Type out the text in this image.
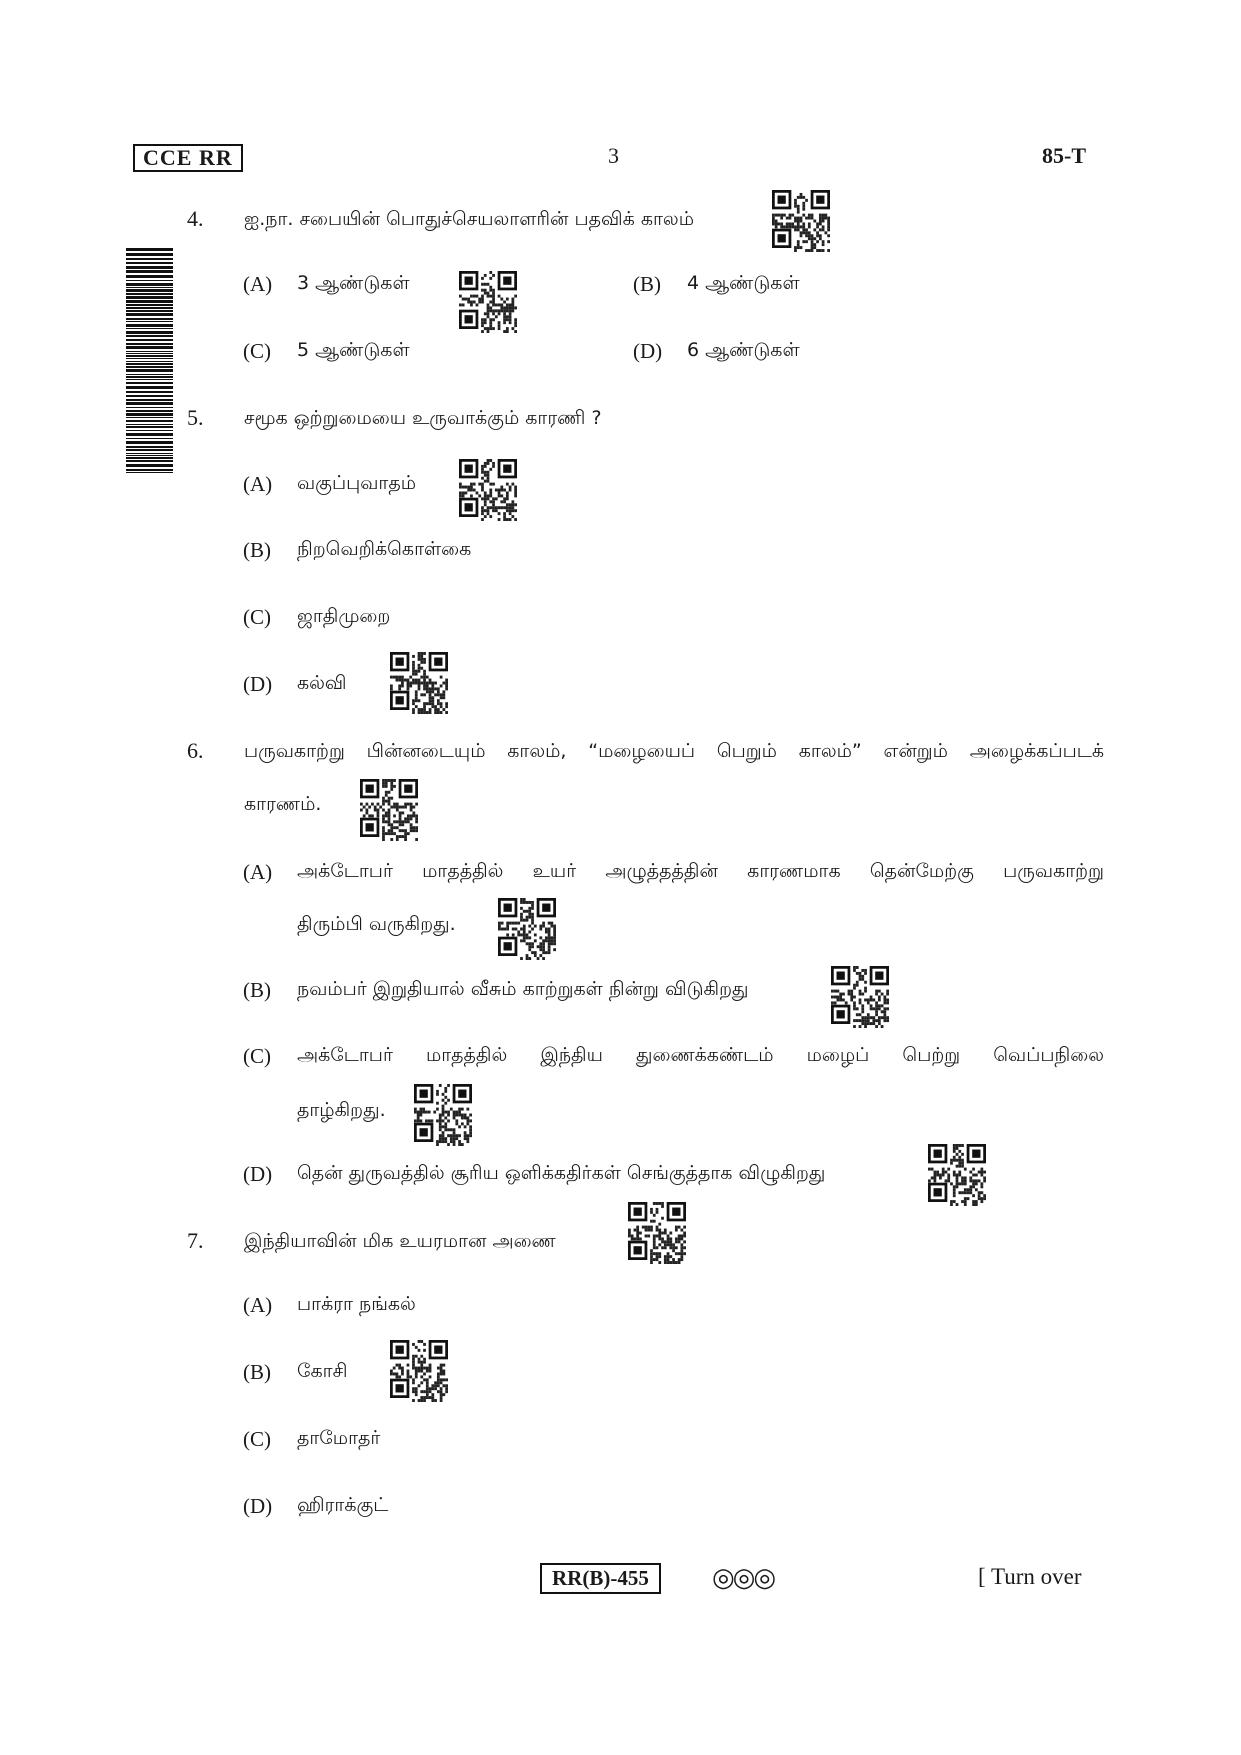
CCE RR	3	85-T
4. ஐ.நா. சபையின் பொதுச்செயலாளரின் பதவிக் காலம்
(A) 3 ஆண்டுகள்	(B) 4 ஆண்டுகள்
(C) 5 ஆண்டுகள்	(D) 6 ஆண்டுகள்
5. சமூக ஒற்றுமையை உருவாக்கும் காரணி ?
(A) வகுப்புவாதம்
(B) நிறவெறிக்கொள்கை
(C) ஜாதிமுறை
(D) கல்வி
6. பருவகாற்று பின்னடையும் காலம், “மழையைப் பெறும் காலம்” என்றும் அழைக்கப்படக்
காரணம்.
(A) அக்டோபர் மாதத்தில் உயர் அழுத்தத்தின் காரணமாக தென்மேற்கு பருவகாற்று
திரும்பி வருகிறது.
(B) நவம்பர் இறுதியால் வீசும் காற்றுகள் நின்று விடுகிறது
(C) அக்டோபர் மாதத்தில் இந்திய துணைக்கண்டம் மழைப் பெற்று வெப்பநிலை
தாழ்கிறது.
(D) தென் துருவத்தில் சூரிய ஒளிக்கதிர்கள் செங்குத்தாக விழுகிறது
7. இந்தியாவின் மிக உயரமான அணை
(A) பாக்ரா நங்கல்
(B) கோசி
(C) தாமோதர்
(D) ஹிராக்குட்
RR(B)-455	◎◎◎	[ Turn over
